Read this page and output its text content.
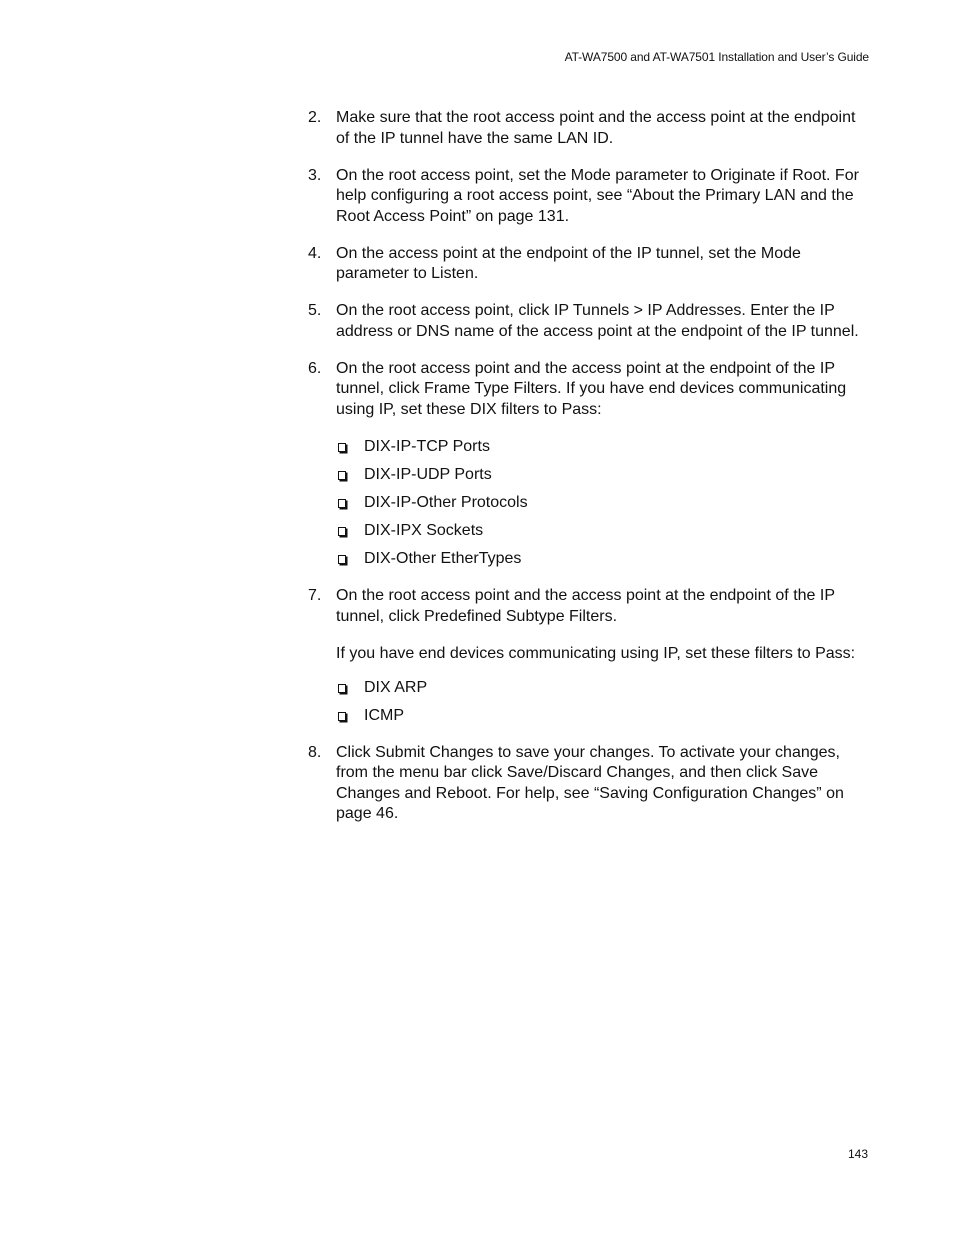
AT-WA7500 and AT-WA7501 Installation and User’s Guide
2. Make sure that the root access point and the access point at the endpoint of the IP tunnel have the same LAN ID.
3. On the root access point, set the Mode parameter to Originate if Root. For help configuring a root access point, see “About the Primary LAN and the Root Access Point” on page 131.
4. On the access point at the endpoint of the IP tunnel, set the Mode parameter to Listen.
5. On the root access point, click IP Tunnels > IP Addresses. Enter the IP address or DNS name of the access point at the endpoint of the IP tunnel.
6. On the root access point and the access point at the endpoint of the IP tunnel, click Frame Type Filters. If you have end devices communicating using IP, set these DIX filters to Pass:
DIX-IP-TCP Ports
DIX-IP-UDP Ports
DIX-IP-Other Protocols
DIX-IPX Sockets
DIX-Other EtherTypes
7. On the root access point and the access point at the endpoint of the IP tunnel, click Predefined Subtype Filters.
If you have end devices communicating using IP, set these filters to Pass:
DIX ARP
ICMP
8. Click Submit Changes to save your changes. To activate your changes, from the menu bar click Save/Discard Changes, and then click Save Changes and Reboot. For help, see “Saving Configuration Changes” on page 46.
143
